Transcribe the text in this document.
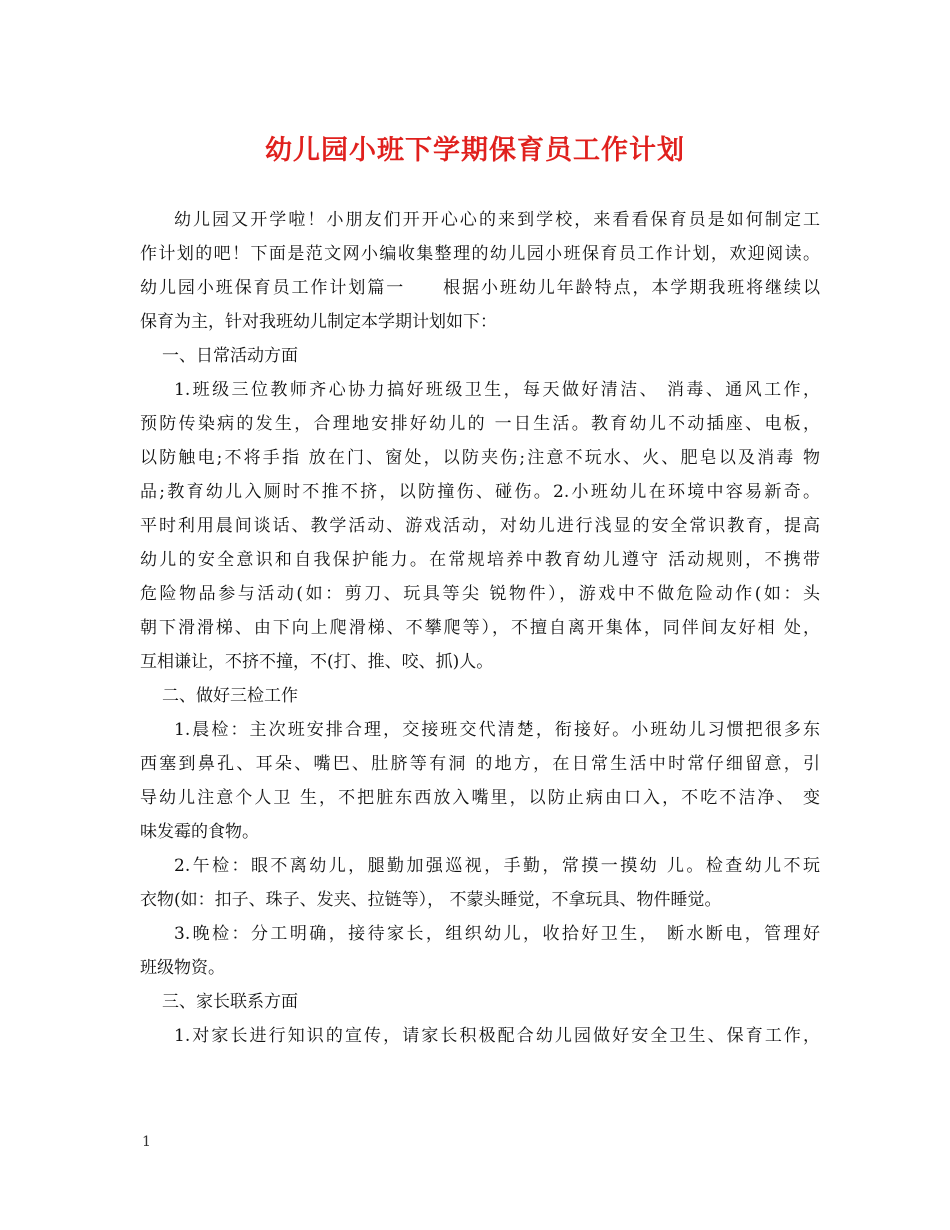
幼儿园小班下学期保育员工作计划
幼儿园又开学啦！小朋友们开开心心的来到学校，来看看保育员是如何制定工
作计划的吧！下面是范文网小编收集整理的幼儿园小班保育员工作计划，欢迎阅读。
幼儿园小班保育员工作计划篇一　　根据小班幼儿年龄特点，本学期我班将继续以
保育为主，针对我班幼儿制定本学期计划如下：
一、日常活动方面
1.班级三位教师齐心协力搞好班级卫生，每天做好清洁、 消毒、通风工作，
预防传染病的发生，合理地安排好幼儿的 一日生活。教育幼儿不动插座、电板，
以防触电;不将手指 放在门、窗处，以防夹伤;注意不玩水、火、肥皂以及消毒 物
品;教育幼儿入厕时不推不挤，以防撞伤、碰伤。2.小班幼儿在环境中容易新奇。
平时利用晨间谈话、教学活动、游戏活动，对幼儿进行浅显的安全常识教育，提高
幼儿的安全意识和自我保护能力。在常规培养中教育幼儿遵守 活动规则，不携带
危险物品参与活动(如：剪刀、玩具等尖 锐物件），游戏中不做危险动作(如：头
朝下滑滑梯、由下向上爬滑梯、不攀爬等），不擅自离开集体，同伴间友好相 处，
互相谦让，不挤不撞，不(打、推、咬、抓)人。
二、做好三检工作
1.晨检：主次班安排合理，交接班交代清楚，衔接好。小班幼儿习惯把很多东
西塞到鼻孔、耳朵、嘴巴、肚脐等有洞 的地方，在日常生活中时常仔细留意，引
导幼儿注意个人卫 生，不把脏东西放入嘴里，以防止病由口入，不吃不洁净、 变
味发霉的食物。
2.午检：眼不离幼儿，腿勤加强巡视，手勤，常摸一摸幼 儿。检查幼儿不玩
衣物(如：扣子、珠子、发夹、拉链等）， 不蒙头睡觉，不拿玩具、物件睡觉。
3.晚检：分工明确，接待家长，组织幼儿，收拾好卫生， 断水断电，管理好
班级物资。
三、家长联系方面
1.对家长进行知识的宣传，请家长积极配合幼儿园做好安全卫生、保育工作，
1
